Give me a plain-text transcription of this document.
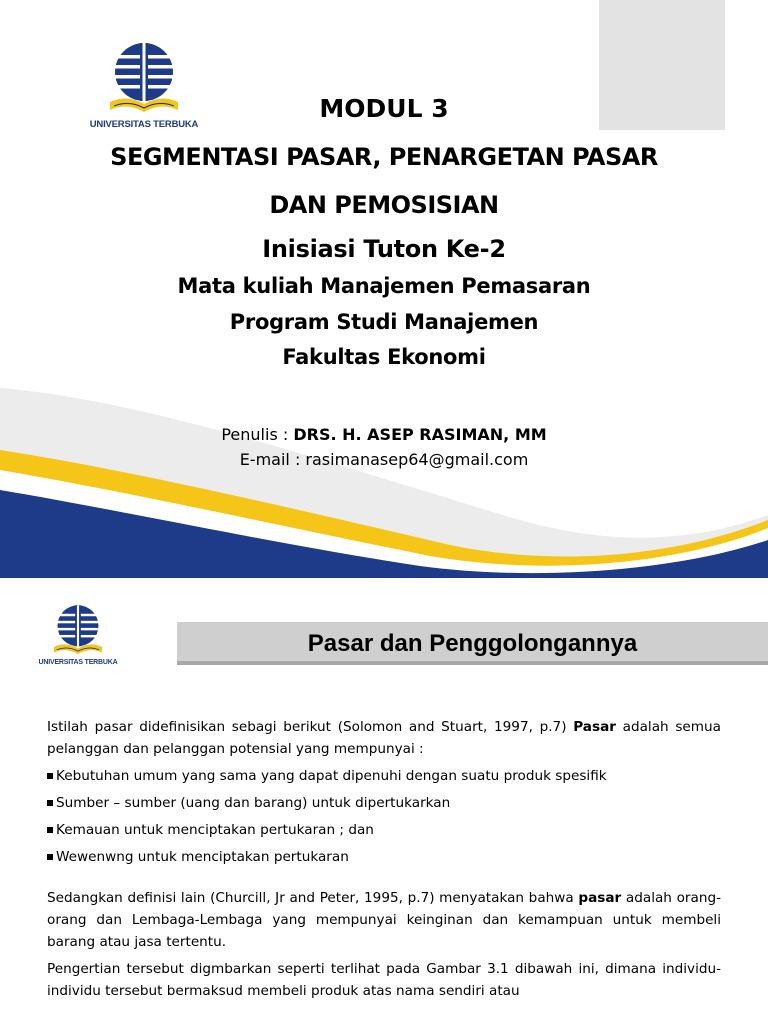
UNIVERSITAS TERBUKA
MODUL 3
SEGMENTASI PASAR, PENARGETAN PASAR
DAN PEMOSISIAN
Inisiasi Tuton Ke-2
Mata kuliah Manajemen Pemasaran
Program Studi Manajemen
Fakultas Ekonomi
Penulis : DRS. H. ASEP RASIMAN, MM
E-mail : rasimanasep64@gmail.com
UNIVERSITAS TERBUKA
Pasar dan Penggolongannya

Istilah pasar didefinisikan sebagi berikut (Solomon and Stuart, 1997, p.7) Pasar adalah semua pelanggan dan pelanggan potensial yang mempunyai :

Kebutuhan umum yang sama yang dapat dipenuhi dengan suatu produk spesifik
Sumber – sumber (uang dan barang) untuk dipertukarkan
Kemauan untuk menciptakan pertukaran ; dan
Wewenwng untuk menciptakan pertukaran

Sedangkan definisi lain (Churcill, Jr and Peter, 1995, p.7) menyatakan bahwa pasar adalah orang-orang dan Lembaga-Lembaga yang mempunyai keinginan dan kemampuan untuk membeli barang atau jasa tertentu.

Pengertian tersebut digmbarkan seperti terlihat pada Gambar 3.1 dibawah ini, dimana individu-individu tersebut bermaksud membeli produk atas nama sendiri atau
